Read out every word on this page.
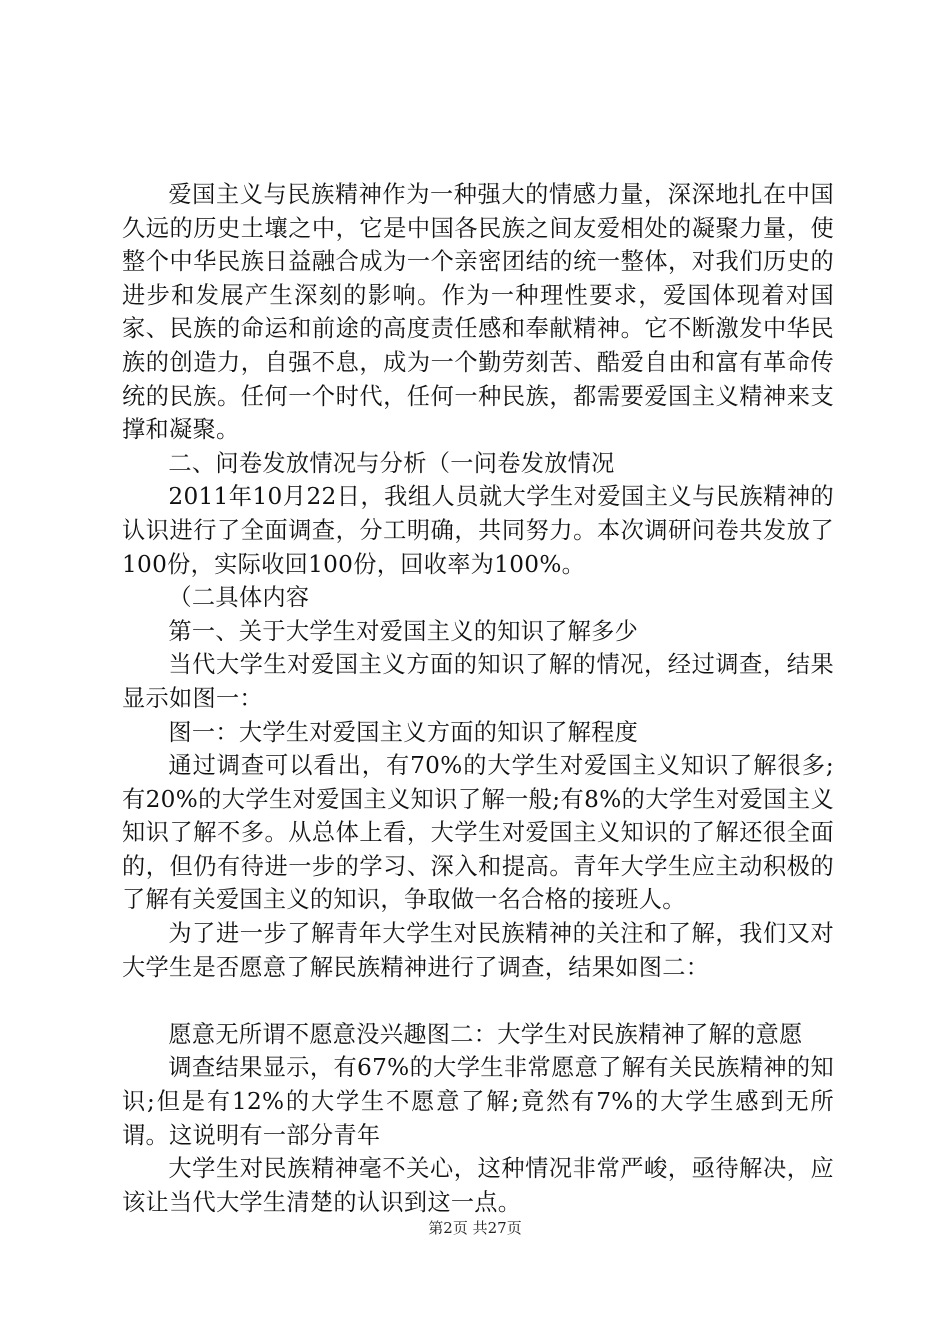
爱国主义与民族精神作为一种强大的情感力量，深深地扎在中国久远的历史土壤之中，它是中国各民族之间友爱相处的凝聚力量，使整个中华民族日益融合成为一个亲密团结的统一整体，对我们历史的进步和发展产生深刻的影响。作为一种理性要求，爱国体现着对国家、民族的命运和前途的高度责任感和奉献精神。它不断激发中华民族的创造力，自强不息，成为一个勤劳刻苦、酷爱自由和富有革命传统的民族。任何一个时代，任何一种民族，都需要爱国主义精神来支撑和凝聚。

二、问卷发放情况与分析（一问卷发放情况

2011年10月22日，我组人员就大学生对爱国主义与民族精神的认识进行了全面调查，分工明确，共同努力。本次调研问卷共发放了100份，实际收回100份，回收率为100%。

（二具体内容

第一、关于大学生对爱国主义的知识了解多少

当代大学生对爱国主义方面的知识了解的情况，经过调查，结果显示如图一：

图一：大学生对爱国主义方面的知识了解程度

通过调查可以看出，有70%的大学生对爱国主义知识了解很多;有20%的大学生对爱国主义知识了解一般;有8%的大学生对爱国主义知识了解不多。从总体上看，大学生对爱国主义知识的了解还很全面的，但仍有待进一步的学习、深入和提高。青年大学生应主动积极的了解有关爱国主义的知识，争取做一名合格的接班人。

为了进一步了解青年大学生对民族精神的关注和了解，我们又对大学生是否愿意了解民族精神进行了调查，结果如图二：

愿意无所谓不愿意没兴趣图二：大学生对民族精神了解的意愿

调查结果显示，有67%的大学生非常愿意了解有关民族精神的知识;但是有12%的大学生不愿意了解;竟然有7%的大学生感到无所谓。这说明有一部分青年

大学生对民族精神毫不关心，这种情况非常严峻，亟待解决，应该让当代大学生清楚的认识到这一点。

第2页 共27页
